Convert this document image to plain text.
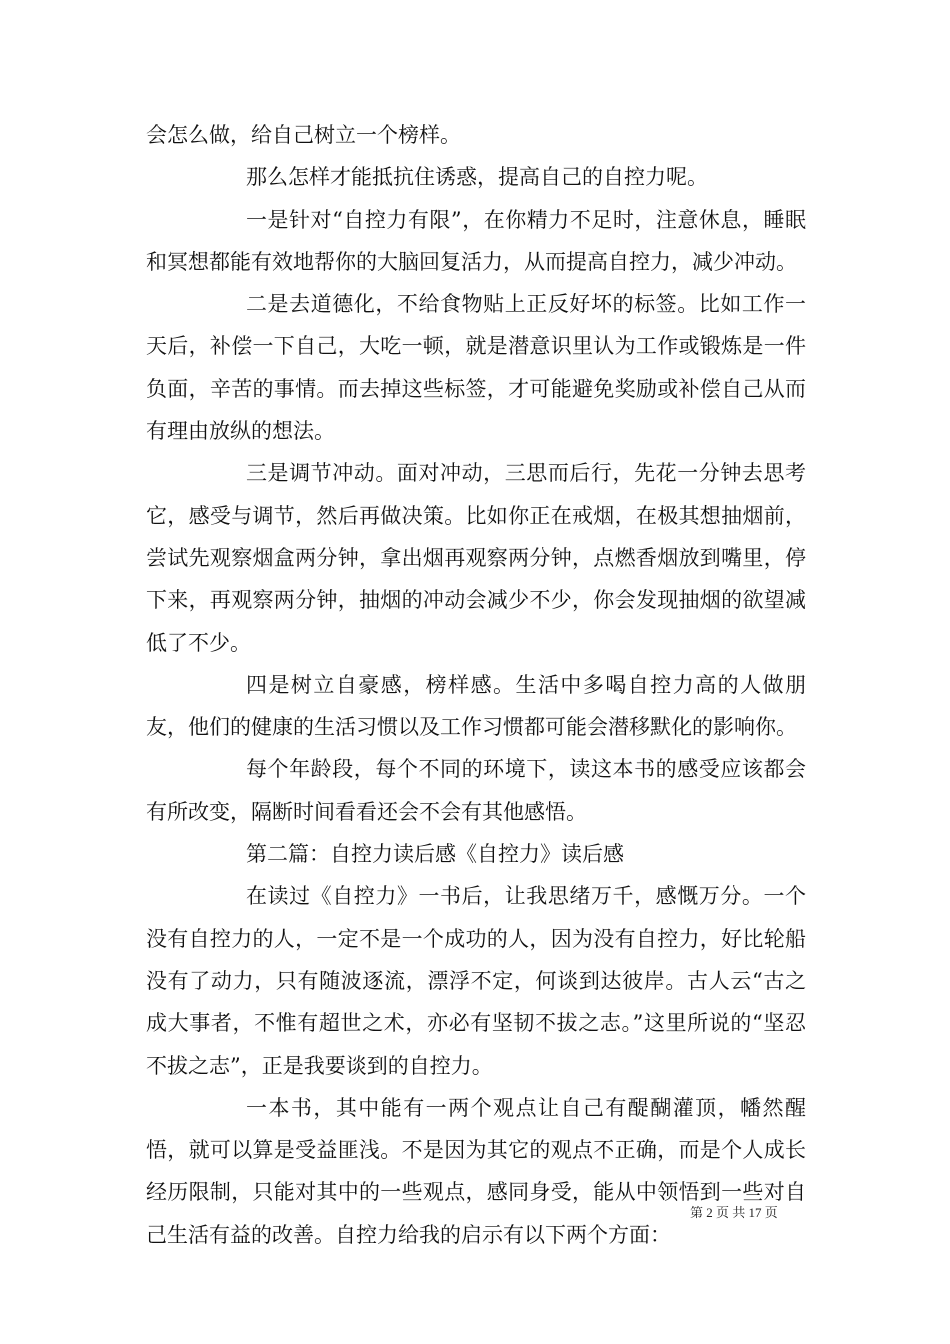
会怎么做，给自己树立一个榜样。

那么怎样才能抵抗住诱惑，提高自己的自控力呢。

一是针对“自控力有限”，在你精力不足时，注意休息，睡眠和冥想都能有效地帮你的大脑回复活力，从而提高自控力，减少冲动。

二是去道德化，不给食物贴上正反好坏的标签。比如工作一天后，补偿一下自己，大吃一顿，就是潜意识里认为工作或锻炼是一件负面，辛苦的事情。而去掉这些标签，才可能避免奖励或补偿自己从而有理由放纵的想法。

三是调节冲动。面对冲动，三思而后行，先花一分钟去思考它，感受与调节，然后再做决策。比如你正在戒烟，在极其想抽烟前，尝试先观察烟盒两分钟，拿出烟再观察两分钟，点燃香烟放到嘴里，停下来，再观察两分钟，抽烟的冲动会减少不少，你会发现抽烟的欲望减低了不少。

四是树立自豪感，榜样感。生活中多喝自控力高的人做朋友，他们的健康的生活习惯以及工作习惯都可能会潜移默化的影响你。

每个年龄段，每个不同的环境下，读这本书的感受应该都会有所改变，隔断时间看看还会不会有其他感悟。

第二篇：自控力读后感《自控力》读后感

在读过《自控力》一书后，让我思绪万千，感慨万分。一个没有自控力的人，一定不是一个成功的人，因为没有自控力，好比轮船没有了动力，只有随波逐流，漂浮不定，何谈到达彼岸。古人云“古之成大事者，不惟有超世之术，亦必有坚韧不拔之志。”这里所说的“坚忍不拔之志”，正是我要谈到的自控力。

一本书，其中能有一两个观点让自己有醍醐灌顶，幡然醒悟，就可以算是受益匪浅。不是因为其它的观点不正确，而是个人成长经历限制，只能对其中的一些观点，感同身受，能从中领悟到一些对自己生活有益的改善。自控力给我的启示有以下两个方面：

第 2 页 共 17 页
